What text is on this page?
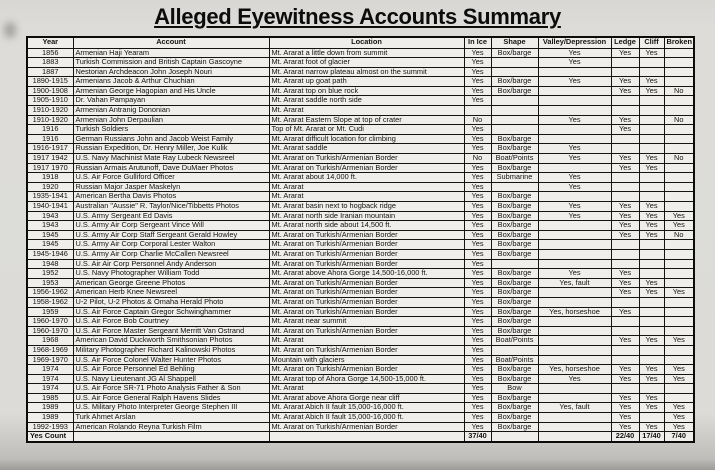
Alleged Eyewitness Accounts Summary
Year	Account	Location	In Ice	Shape	Valley/Depression	Ledge	Cliff	Broken
1856	Armenian Haji Yearam	Mt. Ararat a little down from summit	Yes	Box/barge	Yes	Yes	Yes	
1883	Turkish Commission and British Captain Gascoyne	Mt. Ararat foot of glacier	Yes		Yes			
1887	Nestorian Archdeacon John Joseph Nouri	Mt. Ararat narrow plateau almost on the summit	Yes					
1890-1915	Armenians Jacob & Arthur Chuchian	Mt. Ararat up goat path	Yes	Box/barge	Yes	Yes	Yes	
1900-1908	Armenian George Hagopian and His Uncle	Mt. Ararat top on blue rock	Yes	Box/barge		Yes	Yes	No
1905-1910	Dr. Vahan Pampayan	Mt. Ararat saddle north side	Yes					
1910-1920	Armenian Antranig Dononian	Mt. Ararat						
1910-1920	Armenian John Derpaulian	Mt. Ararat Eastern Slope at top of crater	No		Yes	Yes		No
1916	Turkish Soldiers	Top of Mt. Ararat or Mt. Cudi	Yes			Yes		
1916	German Russians John and Jacob Weist Family	Mt. Ararat difficult location for climbing	Yes	Box/barge				
1916-1917	Russian Expedition, Dr. Henry Miller, Joe Kulik	Mt. Ararat saddle	Yes	Box/barge	Yes			
1917 1942	U.S. Navy Machinist Mate Ray Lubeck Newsreel	Mt. Ararat on Turkish/Armenian Border	No	Boat/Points	Yes	Yes	Yes	No
1917 1970	Russian Armais Arutunoff, Dave DuMaer Photos	Mt. Ararat on Turkish/Armenian Border	Yes	Box/barge		Yes	Yes	
1918	U.S. Air Force Gulliford Officer	Mt. Ararat about 14,000 ft.	Yes	Submarine	Yes			
1920	Russian Major Jasper Maskelyn	Mt. Ararat	Yes		Yes			
1935-1941	American Bertha Davis Photos	Mt. Ararat	Yes	Box/barge				
1940-1941	Australian "Aussie" R. Taylor/Nice/Tibbetts Photos	Mt. Ararat basin next to hogback ridge	Yes	Box/barge	Yes	Yes	Yes	
1943	U.S. Army Sergeant Ed Davis	Mt. Ararat north side Iranian mountain	Yes	Box/barge	Yes	Yes	Yes	Yes
1943	U.S. Army Air Corp Sergeant Vince Will	Mt. Ararat north side about 14,500 ft.	Yes	Box/barge		Yes	Yes	Yes
1945	U.S. Army Air Corp Staff Sergeant Gerald Howley	Mt. Ararat on Turkish/Armenian Border	Yes	Box/barge		Yes	Yes	No
1945	U.S. Army Air Corp Corporal Lester Walton	Mt. Ararat on Turkish/Armenian Border	Yes	Box/barge				
1945-1946	U.S. Army Air Corp Charlie McCallen Newsreel	Mt. Ararat on Turkish/Armenian Border	Yes	Box/barge				
1948	U.S. Air Air Corp Personnel Andy Anderson	Mt. Ararat on Turkish/Armenian Border	Yes					
1952	U.S. Navy Photographer William Todd	Mt. Ararat above Ahora Gorge 14,500-16,000 ft.	Yes	Box/barge	Yes	Yes		
1953	American George Greene Photos	Mt. Ararat on Turkish/Armenian Border	Yes	Box/barge	Yes, fault	Yes	Yes	
1956-1962	American Herb Knee Newsreel	Mt. Ararat on Turkish/Armenian Border	Yes	Box/barge		Yes	Yes	Yes
1958-1962	U-2 Pilot, U-2 Photos & Omaha Herald Photo	Mt. Ararat on Turkish/Armenian Border	Yes	Box/barge				
1959	U.S. Air Force Captain Gregor Schwinghammer	Mt. Ararat on Turkish/Armenian Border	Yes	Box/barge	Yes, horseshoe	Yes		
1960-1970	U.S. Air Force Bob Courtney	Mt. Ararat near summit	Yes	Box/barge				
1960-1970	U.S. Air Force Master Sergeant Merritt Van Ostrand	Mt. Ararat on Turkish/Armenian Border	Yes	Box/barge				
1968	American David Duckworth Smithsonian Photos	Mt. Ararat	Yes	Boat/Points		Yes	Yes	Yes
1968-1969	Military Photographer Richard Kalinowski Photos	Mt. Ararat on Turkish/Armenian Border	Yes					
1969-1970	U.S. Air Force Colonel Walter Hunter Photos	Mountain with glaciers	Yes	Boat/Points				
1974	U.S. Air Force Personnel Ed Behling	Mt. Ararat on Turkish/Armenian Border	Yes	Box/barge	Yes, horseshoe	Yes	Yes	Yes
1974	U.S. Navy Lieutenant JG Al Shappell	Mt. Ararat top of Ahora Gorge 14,500-15,000 ft.	Yes	Box/barge	Yes	Yes	Yes	Yes
1974	U.S. Air Force SR-71 Photo Analysis Father & Son	Mt. Ararat	Yes	Bow				
1985	U.S. Air Force General Ralph Havens Slides	Mt. Ararat above Ahora Gorge near cliff	Yes	Box/barge		Yes	Yes	
1989	U.S. Military Photo Interpreter George Stephen III	Mt. Ararat Abich II fault 15,000-16,000 ft.	Yes	Box/barge	Yes, fault	Yes	Yes	Yes
1989	Turk Ahmet Arslan	Mt. Ararat Abich II fault 15,000-16,000 ft.	Yes	Box/barge		Yes		Yes
1992-1993	American Rolando Reyna Turkish Film	Mt. Ararat on Turkish/Armenian Border	Yes	Box/barge		Yes	Yes	Yes
Yes Count			37/40			22/40	17/40	7/40
